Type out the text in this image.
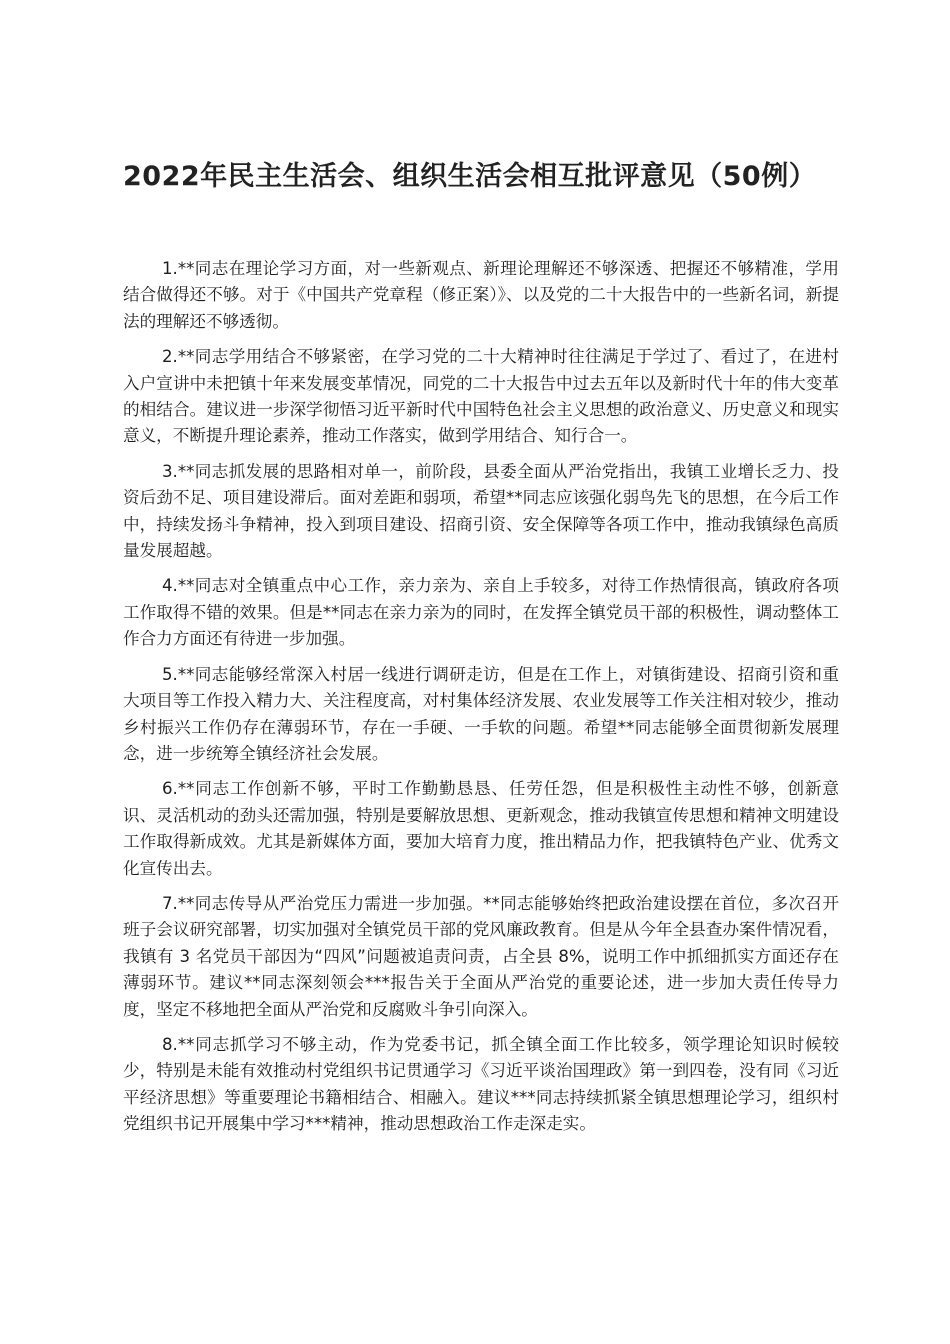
2022年民主生活会、组织生活会相互批评意见（50例）

1.**同志在理论学习方面，对一些新观点、新理论理解还不够深透、把握还不够精准，学用结合做得还不够。对于《中国共产党章程（修正案）》、以及党的二十大报告中的一些新名词，新提法的理解还不够透彻。

2.**同志学用结合不够紧密，在学习党的二十大精神时往往满足于学过了、看过了，在进村入户宣讲中未把镇十年来发展变革情况，同党的二十大报告中过去五年以及新时代十年的伟大变革的相结合。建议进一步深学彻悟习近平新时代中国特色社会主义思想的政治意义、历史意义和现实意义，不断提升理论素养，推动工作落实，做到学用结合、知行合一。

3.**同志抓发展的思路相对单一，前阶段，县委全面从严治党指出，我镇工业增长乏力、投资后劲不足、项目建设滞后。面对差距和弱项，希望**同志应该强化弱鸟先飞的思想，在今后工作中，持续发扬斗争精神，投入到项目建设、招商引资、安全保障等各项工作中，推动我镇绿色高质量发展超越。

4.**同志对全镇重点中心工作，亲力亲为、亲自上手较多，对待工作热情很高，镇政府各项工作取得不错的效果。但是**同志在亲力亲为的同时，在发挥全镇党员干部的积极性，调动整体工作合力方面还有待进一步加强。

5.**同志能够经常深入村居一线进行调研走访，但是在工作上，对镇街建设、招商引资和重大项目等工作投入精力大、关注程度高，对村集体经济发展、农业发展等工作关注相对较少，推动乡村振兴工作仍存在薄弱环节，存在一手硬、一手软的问题。希望**同志能够全面贯彻新发展理念，进一步统筹全镇经济社会发展。

6.**同志工作创新不够，平时工作勤勤恳恳、任劳任怨，但是积极性主动性不够，创新意识、灵活机动的劲头还需加强，特别是要解放思想、更新观念，推动我镇宣传思想和精神文明建设工作取得新成效。尤其是新媒体方面，要加大培育力度，推出精品力作，把我镇特色产业、优秀文化宣传出去。

7.**同志传导从严治党压力需进一步加强。**同志能够始终把政治建设摆在首位，多次召开班子会议研究部署，切实加强对全镇党员干部的党风廉政教育。但是从今年全县查办案件情况看，我镇有 3 名党员干部因为“四风”问题被追责问责，占全县 8%，说明工作中抓细抓实方面还存在薄弱环节。建议**同志深刻领会***报告关于全面从严治党的重要论述，进一步加大责任传导力度，坚定不移地把全面从严治党和反腐败斗争引向深入。

8.**同志抓学习不够主动，作为党委书记，抓全镇全面工作比较多，领学理论知识时候较少，特别是未能有效推动村党组织书记贯通学习《习近平谈治国理政》第一到四卷，没有同《习近平经济思想》等重要理论书籍相结合、相融入。建议***同志持续抓紧全镇思想理论学习，组织村党组织书记开展集中学习***精神，推动思想政治工作走深走实。
